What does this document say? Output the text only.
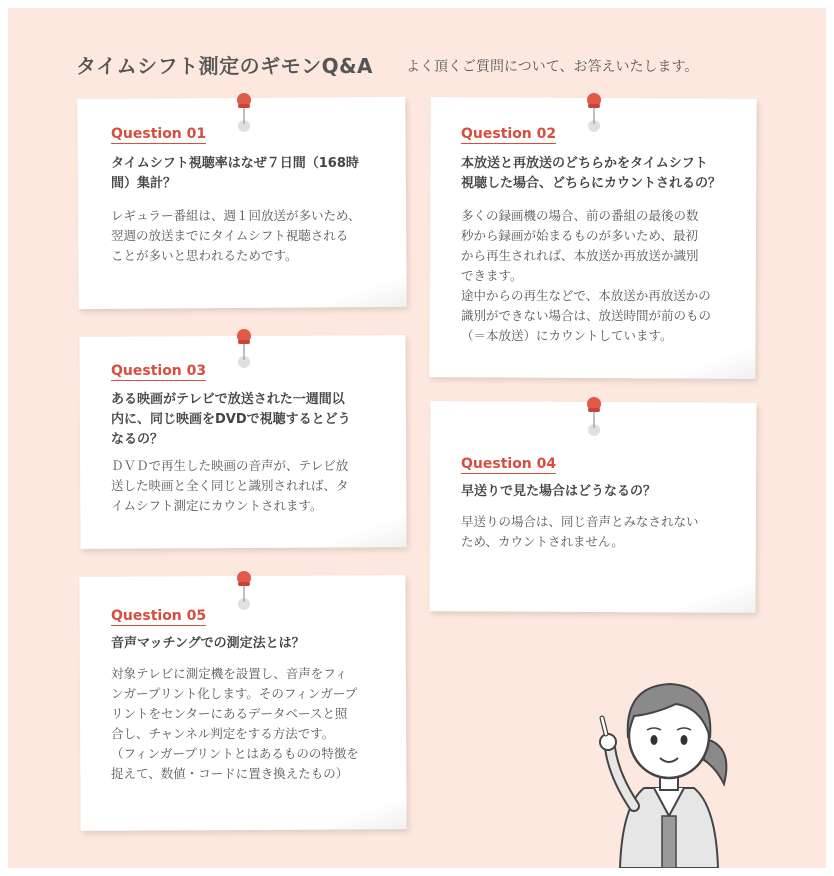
タイムシフト測定のギモンQ&A よく頂くご質問について、お答えいたします。
Question 01
タイムシフト視聴率はなぜ７日間（168時
間）集計？
レギュラー番組は、週１回放送が多いため、
翌週の放送までにタイムシフト視聴される
ことが多いと思われるためです。
Question 02
本放送と再放送のどちらかをタイムシフト
視聴した場合、どちらにカウントされるの？
多くの録画機の場合、前の番組の最後の数
秒から録画が始まるものが多いため、最初
から再生されれば、本放送か再放送か識別
できます。
途中からの再生などで、本放送か再放送かの
識別ができない場合は、放送時間が前のもの
（＝本放送）にカウントしています。
Question 03
ある映画がテレビで放送された一週間以
内に、同じ映画をDVDで視聴するとどう
なるの？
ＤＶＤで再生した映画の音声が、テレビ放
送した映画と全く同じと識別されれば、タ
イムシフト測定にカウントされます。
Question 04
早送りで見た場合はどうなるの？
早送りの場合は、同じ音声とみなされない
ため、カウントされません。
Question 05
音声マッチングでの測定法とは？
対象テレビに測定機を設置し、音声をフィ
ンガープリント化します。そのフィンガープ
リントをセンターにあるデータベースと照
合し、チャンネル判定をする方法です。
（フィンガープリントとはあるものの特徴を
捉えて、数値・コードに置き換えたもの）
